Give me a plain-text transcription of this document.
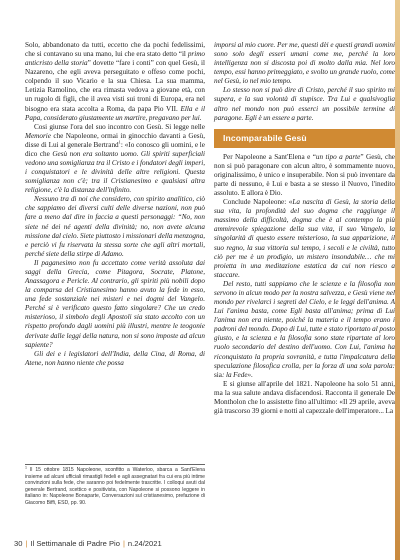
Solo, abbandonato da tutti, eccetto che da pochi fedelissimi, che si contavano su una mano, lui che era stato detto “il primo anticristo della storia” dovette “fare i conti” con quel Gesù, il Nazareno, che egli aveva perseguitato e offeso come pochi, colpendo il suo Vicario e la sua Chiesa. La sua mamma, Letizia Ramolino, che era rimasta vedova a giovane età, con un rugolo di figli, che il avea visti sui troni di Europa, era nel bisogno era stata accolta a Roma, da papa Pio VII. Ella e il Papa, considerato giustamente un martire, pregavano per lui.

Cosi giunse l'ora del suo incontro con Gesù. Si legge nelle Memorie che Napoleone, ormai in ginocchio davanti a Gesù, disse di Lui al generale Bertrand$^1$: «Io conosco gli uomini, e le dico che Gesù non era soltanto uomo. Gli spiriti superficiali vedono una somiglianza tra il Cristo e i fondatori degli imperi, i conquistatori e le divinità delle altre religioni. Questa somiglianza non c'è; tra il Cristianesimo e qualsiasi altra religione, c'è la distanza dell'infinito.

Nessuno tra di noi che considero, con spirito analitico, ciò che sappiamo dei diversi culti delle diverse nazioni, non può fare a meno dal dire in faccia a questi personaggi: “No, non siete né dei né agenti della divinità; no, non avete alcuna missione dal cielo. Siete piuttosto i missionari della menzogna, e perciò vi fu riservata la stessa sorte che agli altri mortali, perché siete della stirpe di Adamo.

Il paganesimo non fu accettato come verità assoluta dai saggi della Grecia, come Pitagora, Socrate, Platone, Anassagora e Pericle. Al contrario, gli spiriti più nobili dopo la comparsa del Cristianesimo hanno avuto la fede in esso, una fede sostanziale nei misteri e nei dogmi del Vangelo. Perché si è verificato questo fatto singolare? Che un credo misterioso, il simbolo degli Apostoli sia stato accolto con un rispetto profondo dagli uomini più illustri, mentre le teogonie derivate dalle leggi della natura, non si sono imposte ad alcun sapiente?

Gli dei e i legislatori dell'India, della Cina, di Roma, di Atene, non hanno niente che possa

$^1$ Il 15 ottobre 1815 Napoleone, sconfitto a Waterloo, sbarca a Sant'Elena insieme ad alcuni ufficiali rimastigli fedeli e agli assegnatari fra cui era più intime convinzioni sulla fede, che saranno poi fedelmente trascritte. I colloqui avuti dal generale Bertrand, scettico e positivista, con Napoleone si possono leggere in italiano in: Napoleone Bonaparte, Conversazioni sul cristianesimo, prefazione di Giacomo Biffi, ESD, pp. 90.

imporsi al mio cuore. Per me, questi dèi e questi grandi uomini sono solo degli esseri umani come me, perché la loro intelligenza non si discosta poi di molto dalla mia. Nel loro tempo, essi hanno primeggiato, e svolto un grande ruolo, come nel Gesù, io nel mio tempo.

Lo stesso non si può dire di Cristo, perché il suo spirito mi supera, e la sua volontà di stupisce. Tra Lui e qualsivoglia altro nel mondo non può esserci un possibile termine di paragone. Egli è un essere a parte.

Incomparabile Gesù

Per Napoleone a Sant'Elena e “un tipo a parte” Gesù, che non si può paragonare con alcun altro, è sommamente nuovo, originalissimo, è unico e insuperabile. Non si può inventare da parte di nessuno, è Lui e basta a se stesso il Nuovo, l'inedito assoluto. E allora è Dio.

Conclude Napoleone: «La nascita di Gesù, la storia della sua vita, la profondità del suo dogma che raggiunge il massimo della difficoltà, dogma che è al contempo la più ammirevole spiegazione della sua vita, il suo Vangelo, la singolarità di questo essere misterioso, la sua apparizione, il suo regno, la sua vittoria sul tempo, i secoli e le civiltà, tutto ciò per me è un prodigio, un mistero insondabile… che mi proietta in una meditazione estatica da cui non riesco a staccare.

Del resto, tutti sappiamo che le scienze e la filosofia non servono in alcun modo per la nostra salvezza, e Gesù viene nel mondo per rivelarci i segreti del Cielo, e le leggi dell'anima. A Lui l'anima basta, come Egli basta all'anima; prima di Lui l'anima non era niente, poiché la materia e il tempo erano i padroni del mondo. Dopo di Lui, tutte e stato riportato al posto giusto, e la scienza e la filosofia sono state ripartate al loro ruolo secondario del destino dell'uomo. Con Lui, l'anima ha riconquistato la propria sovranità, e tutta l'impalcatura della speculazione filosofica crolla, per la forza di una sola parola: sia: la Fede».

E si giunse all'aprile del 1821. Napoleone ha solo 51 anni, ma la sua salute andava disfacendosi. Racconta il generale De Montholon che lo assistette fino all'ultimo: «Il 29 aprile, aveva già trascorso 39 giorni e notti al capezzale dell'imperatore... La

30 | Il Settimanale di Padre Pio | n.24/2021
